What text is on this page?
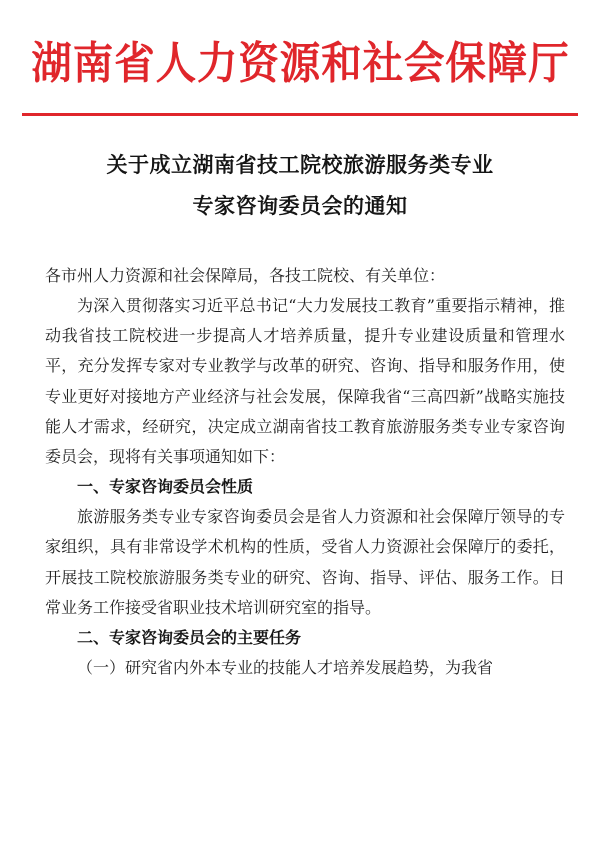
湖南省人力资源和社会保障厅
关于成立湖南省技工院校旅游服务类专业
专家咨询委员会的通知

各市州人力资源和社会保障局，各技工院校、有关单位：

为深入贯彻落实习近平总书记“大力发展技工教育”重要指示精神，推动我省技工院校进一步提高人才培养质量，提升专业建设质量和管理水平，充分发挥专家对专业教学与改革的研究、咨询、指导和服务作用，使专业更好对接地方产业经济与社会发展，保障我省“三高四新”战略实施技能人才需求，经研究，决定成立湖南省技工教育旅游服务类专业专家咨询委员会，现将有关事项通知如下：

一、专家咨询委员会性质

旅游服务类专业专家咨询委员会是省人力资源和社会保障厅领导的专家组织，具有非常设学术机构的性质，受省人力资源社会保障厅的委托，开展技工院校旅游服务类专业的研究、咨询、指导、评估、服务工作。日常业务工作接受省职业技术培训研究室的指导。

二、专家咨询委员会的主要任务

（一）研究省内外本专业的技能人才培养发展趋势，为我省
